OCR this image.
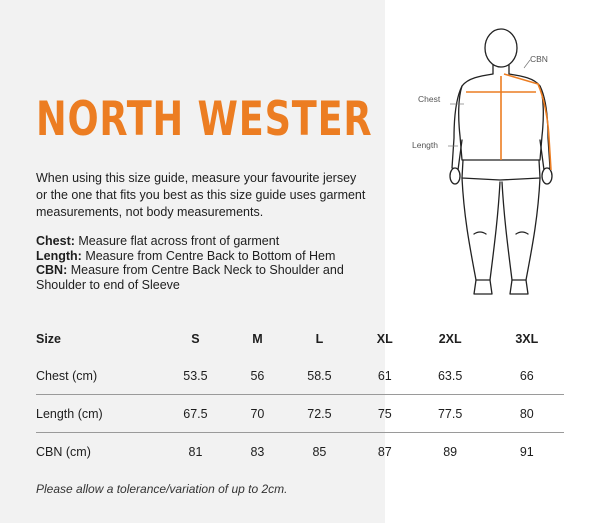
NORTH WESTER

When using this size guide, measure your favourite jersey or the one that fits you best as this size guide uses garment measurements, not body measurements.

Chest: Measure flat across front of garment
Length: Measure from Centre Back to Bottom of Hem
CBN: Measure from Centre Back Neck to Shoulder and Shoulder to end of Sleeve
CBN
Chest
Length
Size	S	M	L	XL	2XL	3XL
Chest (cm)	53.5	56	58.5	61	63.5	66
Length (cm)	67.5	70	72.5	75	77.5	80
CBN (cm)	81	83	85	87	89	91

Please allow a tolerance/variation of up to 2cm.
